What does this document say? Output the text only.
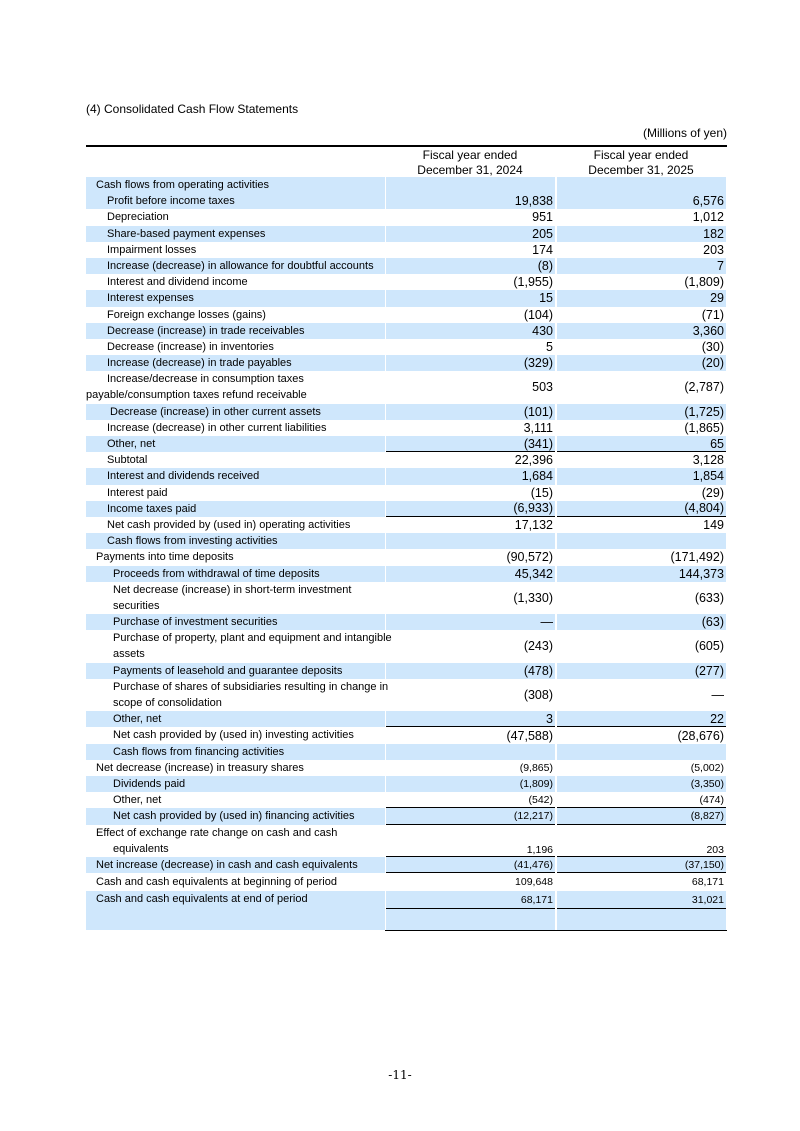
(4) Consolidated Cash Flow Statements
(Millions of yen)
Fiscal year ended
December 31, 2024
Fiscal year ended
December 31, 2025
Cash flows from operating activities
Profit before income taxes	19,838	6,576
Depreciation	951	1,012
Share-based payment expenses	205	182
Impairment losses	174	203
Increase (decrease) in allowance for doubtful accounts	(8)	7
Interest and dividend income	(1,955)	(1,809)
Interest expenses	15	29
Foreign exchange losses (gains)	(104)	(71)
Decrease (increase) in trade receivables	430	3,360
Decrease (increase) in inventories	5	(30)
Increase (decrease) in trade payables	(329)	(20)
Increase/decrease in consumption taxes
payable/consumption taxes refund receivable
503	(2,787)
Decrease (increase) in other current assets	(101)	(1,725)
Increase (decrease) in other current liabilities	3,111	(1,865)
Other, net	(341)	65
Subtotal	22,396	3,128
Interest and dividends received	1,684	1,854
Interest paid	(15)	(29)
Income taxes paid	(6,933)	(4,804)
Net cash provided by (used in) operating activities	17,132	149
Cash flows from investing activities
Payments into time deposits	(90,572)	(171,492)
Proceeds from withdrawal of time deposits	45,342	144,373
Net decrease (increase) in short-term investment
securities
(1,330)	(633)
Purchase of investment securities	—	(63)
Purchase of property, plant and equipment and intangible
assets
(243)	(605)
Payments of leasehold and guarantee deposits	(478)	(277)
Purchase of shares of subsidiaries resulting in change in
scope of consolidation
(308)	—
Other, net	3	22
Net cash provided by (used in) investing activities	(47,588)	(28,676)
Cash flows from financing activities
Net decrease (increase) in treasury shares	(9,865)	(5,002)
Dividends paid	(1,809)	(3,350)
Other, net	(542)	(474)
Net cash provided by (used in) financing activities	(12,217)	(8,827)
Effect of exchange rate change on cash and cash
equivalents	1,196	203
Net increase (decrease) in cash and cash equivalents	(41,476)	(37,150)
Cash and cash equivalents at beginning of period	109,648	68,171
Cash and cash equivalents at end of period	68,171	31,021
-11-
